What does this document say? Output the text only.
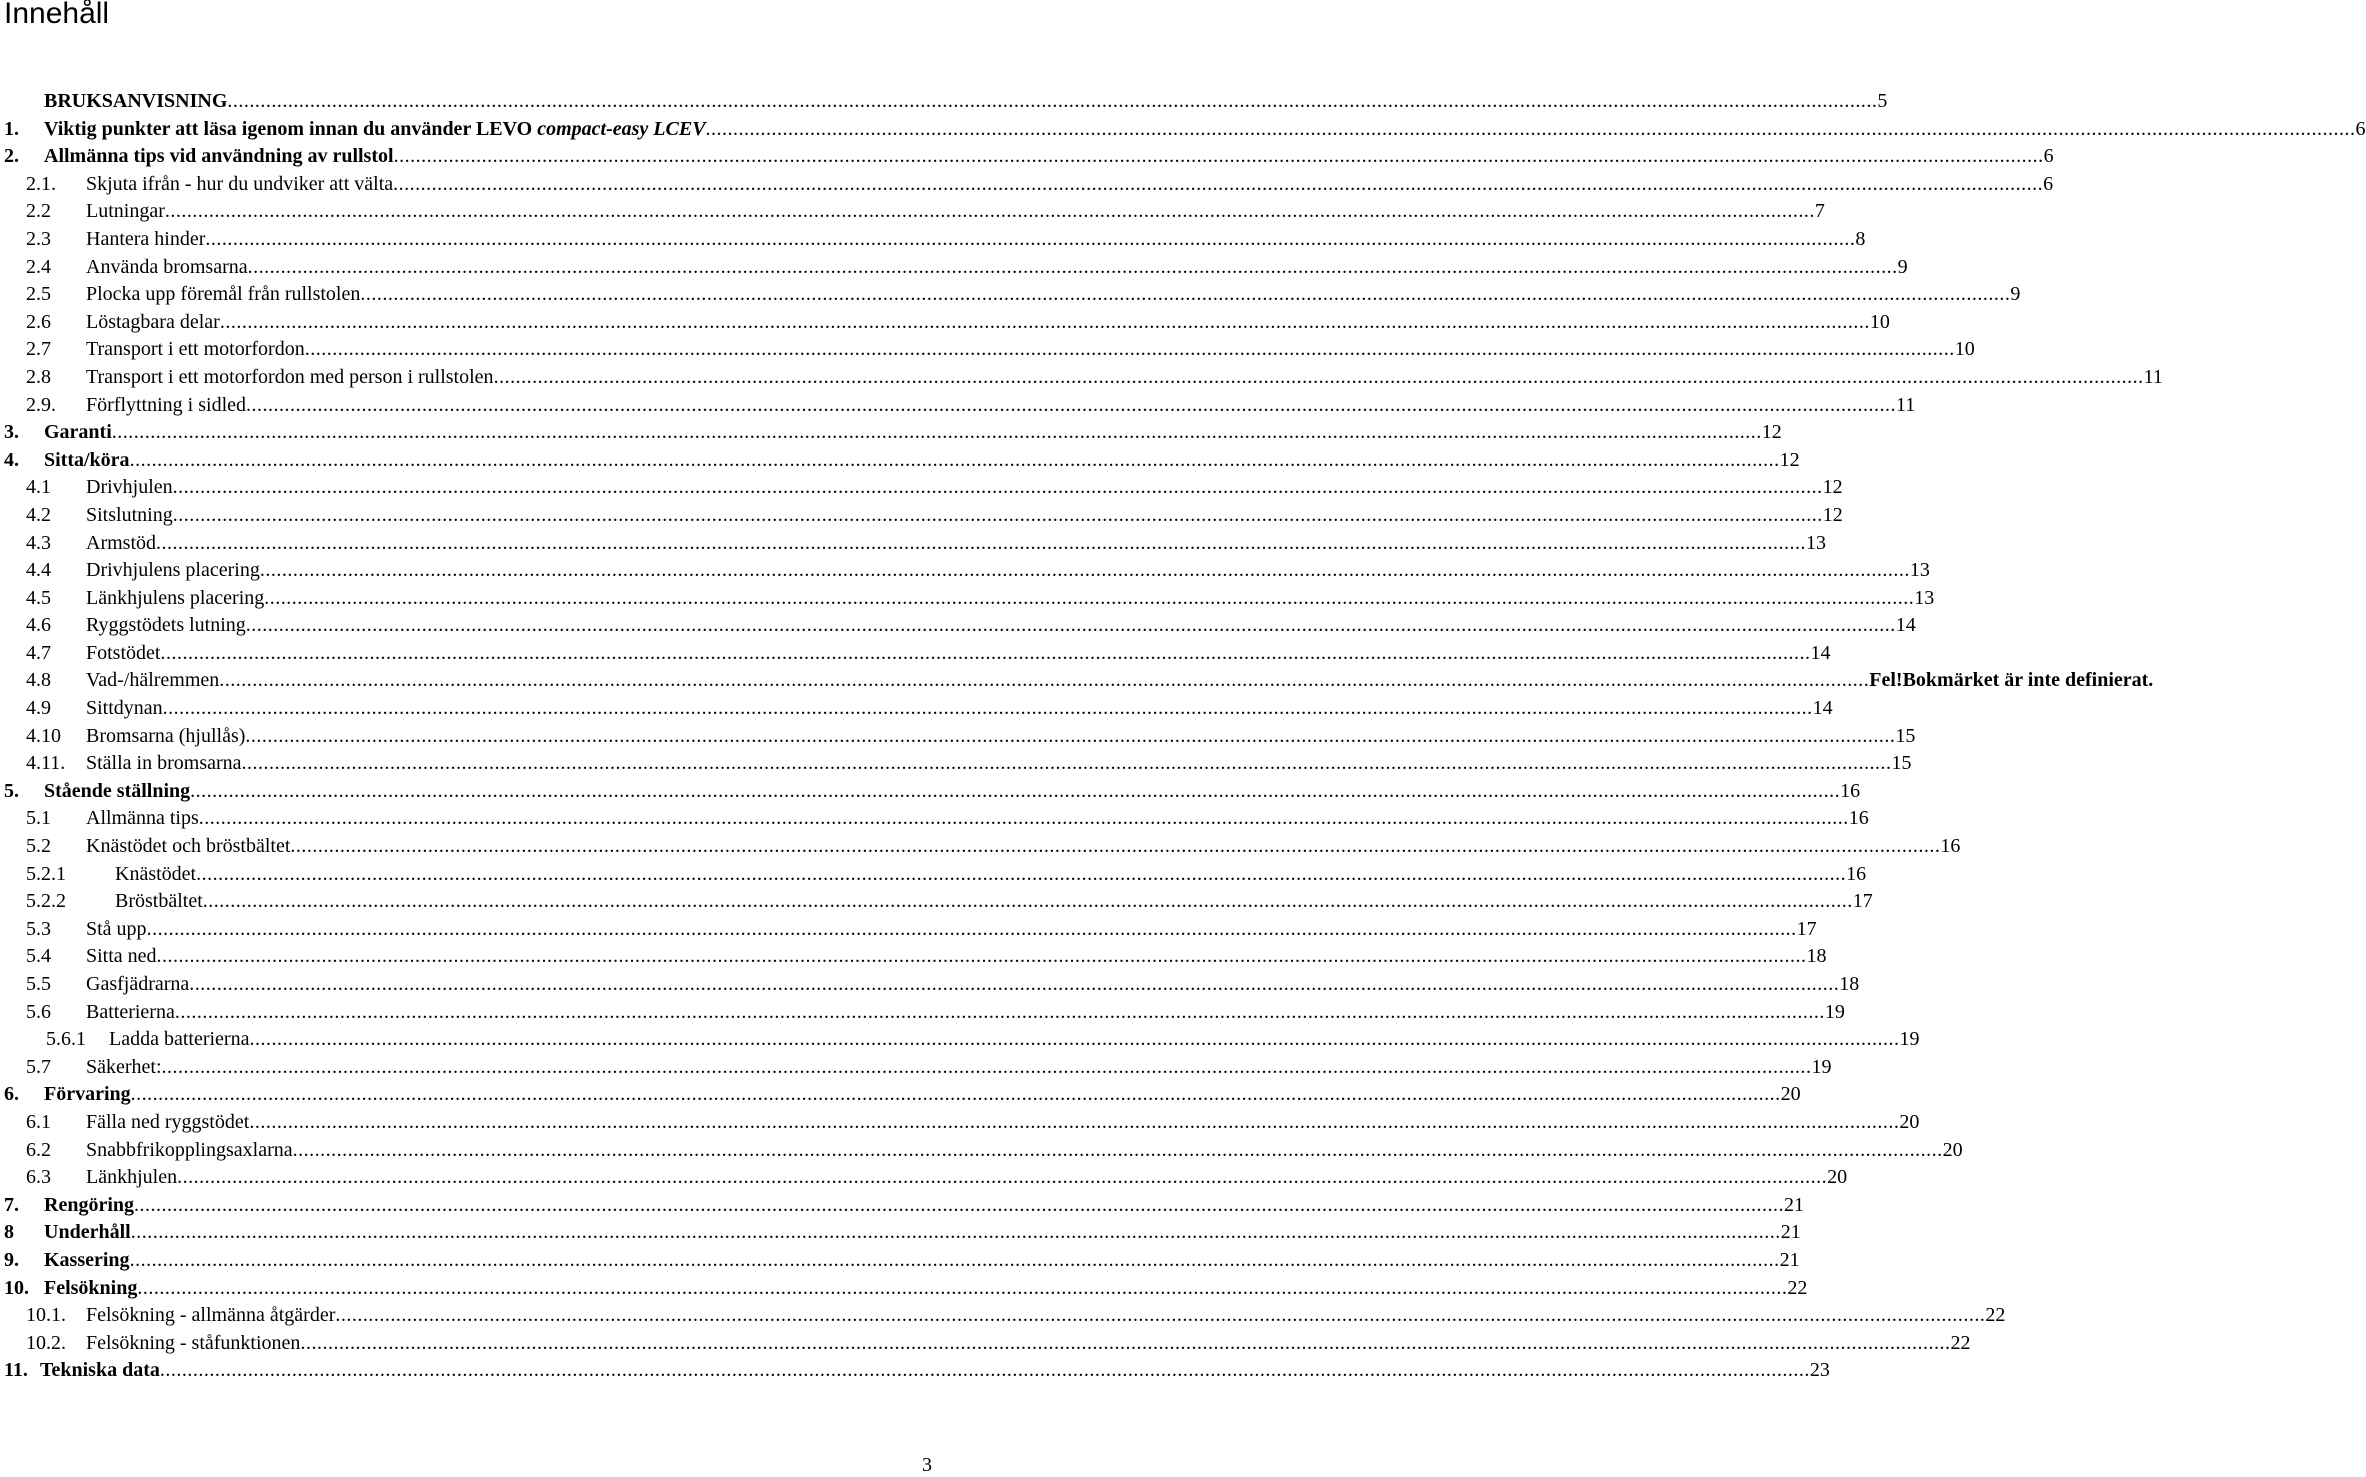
Innehåll
BRUKSANVISNING ............................................................................................................................................................................................................................................................................................................ 5
1. Viktig punkter att läsa igenom innan du använder LEVO compact-easy LCEV ............................................................................................................................................................................................................................................................................................................ 6
2. Allmänna tips vid användning av rullstol ............................................................................................................................................................................................................................................................................................................ 6
2.1. Skjuta ifrån - hur du undviker att välta ............................................................................................................................................................................................................................................................................................................ 6
2.2 Lutningar ............................................................................................................................................................................................................................................................................................................ 7
2.3 Hantera hinder ............................................................................................................................................................................................................................................................................................................ 8
2.4 Använda bromsarna ............................................................................................................................................................................................................................................................................................................ 9
2.5 Plocka upp föremål från rullstolen ............................................................................................................................................................................................................................................................................................................ 9
2.6 Löstagbara delar ............................................................................................................................................................................................................................................................................................................ 10
2.7 Transport i ett motorfordon ............................................................................................................................................................................................................................................................................................................ 10
2.8 Transport i ett motorfordon med person i rullstolen ............................................................................................................................................................................................................................................................................................................ 11
2.9. Förflyttning i sidled ............................................................................................................................................................................................................................................................................................................ 11
3. Garanti ............................................................................................................................................................................................................................................................................................................ 12
4. Sitta/köra ............................................................................................................................................................................................................................................................................................................ 12
4.1 Drivhjulen ............................................................................................................................................................................................................................................................................................................ 12
4.2 Sitslutning ............................................................................................................................................................................................................................................................................................................ 12
4.3 Armstöd ............................................................................................................................................................................................................................................................................................................ 13
4.4 Drivhjulens placering ............................................................................................................................................................................................................................................................................................................ 13
4.5 Länkhjulens placering ............................................................................................................................................................................................................................................................................................................ 13
4.6 Ryggstödets lutning ............................................................................................................................................................................................................................................................................................................ 14
4.7 Fotstödet ............................................................................................................................................................................................................................................................................................................ 14
4.8 Vad-/hälremmen ............................................................................................................................................................................................................................................................................................................ Fel!Bokmärket är inte definierat.
4.9 Sittdynan ............................................................................................................................................................................................................................................................................................................ 14
4.10 Bromsarna (hjullås) ............................................................................................................................................................................................................................................................................................................ 15
4.11. Ställa in bromsarna ............................................................................................................................................................................................................................................................................................................ 15
5. Stående ställning ............................................................................................................................................................................................................................................................................................................ 16
5.1 Allmänna tips ............................................................................................................................................................................................................................................................................................................ 16
5.2 Knästödet och bröstbältet ............................................................................................................................................................................................................................................................................................................ 16
5.2.1 Knästödet ............................................................................................................................................................................................................................................................................................................ 16
5.2.2 Bröstbältet ............................................................................................................................................................................................................................................................................................................ 17
5.3 Stå upp ............................................................................................................................................................................................................................................................................................................ 17
5.4 Sitta ned ............................................................................................................................................................................................................................................................................................................ 18
5.5 Gasfjädrarna ............................................................................................................................................................................................................................................................................................................ 18
5.6 Batterierna ............................................................................................................................................................................................................................................................................................................ 19
5.6.1 Ladda batterierna ............................................................................................................................................................................................................................................................................................................ 19
5.7 Säkerhet: ............................................................................................................................................................................................................................................................................................................ 19
6. Förvaring ............................................................................................................................................................................................................................................................................................................ 20
6.1 Fälla ned ryggstödet ............................................................................................................................................................................................................................................................................................................ 20
6.2 Snabbfrikopplingsaxlarna ............................................................................................................................................................................................................................................................................................................ 20
6.3 Länkhjulen ............................................................................................................................................................................................................................................................................................................ 20
7. Rengöring ............................................................................................................................................................................................................................................................................................................ 21
8 Underhåll ............................................................................................................................................................................................................................................................................................................ 21
9. Kassering ............................................................................................................................................................................................................................................................................................................ 21
10. Felsökning ............................................................................................................................................................................................................................................................................................................ 22
10.1. Felsökning - allmänna åtgärder ............................................................................................................................................................................................................................................................................................................ 22
10.2. Felsökning - ståfunktionen ............................................................................................................................................................................................................................................................................................................ 22
11. Tekniska data ............................................................................................................................................................................................................................................................................................................ 23
3
